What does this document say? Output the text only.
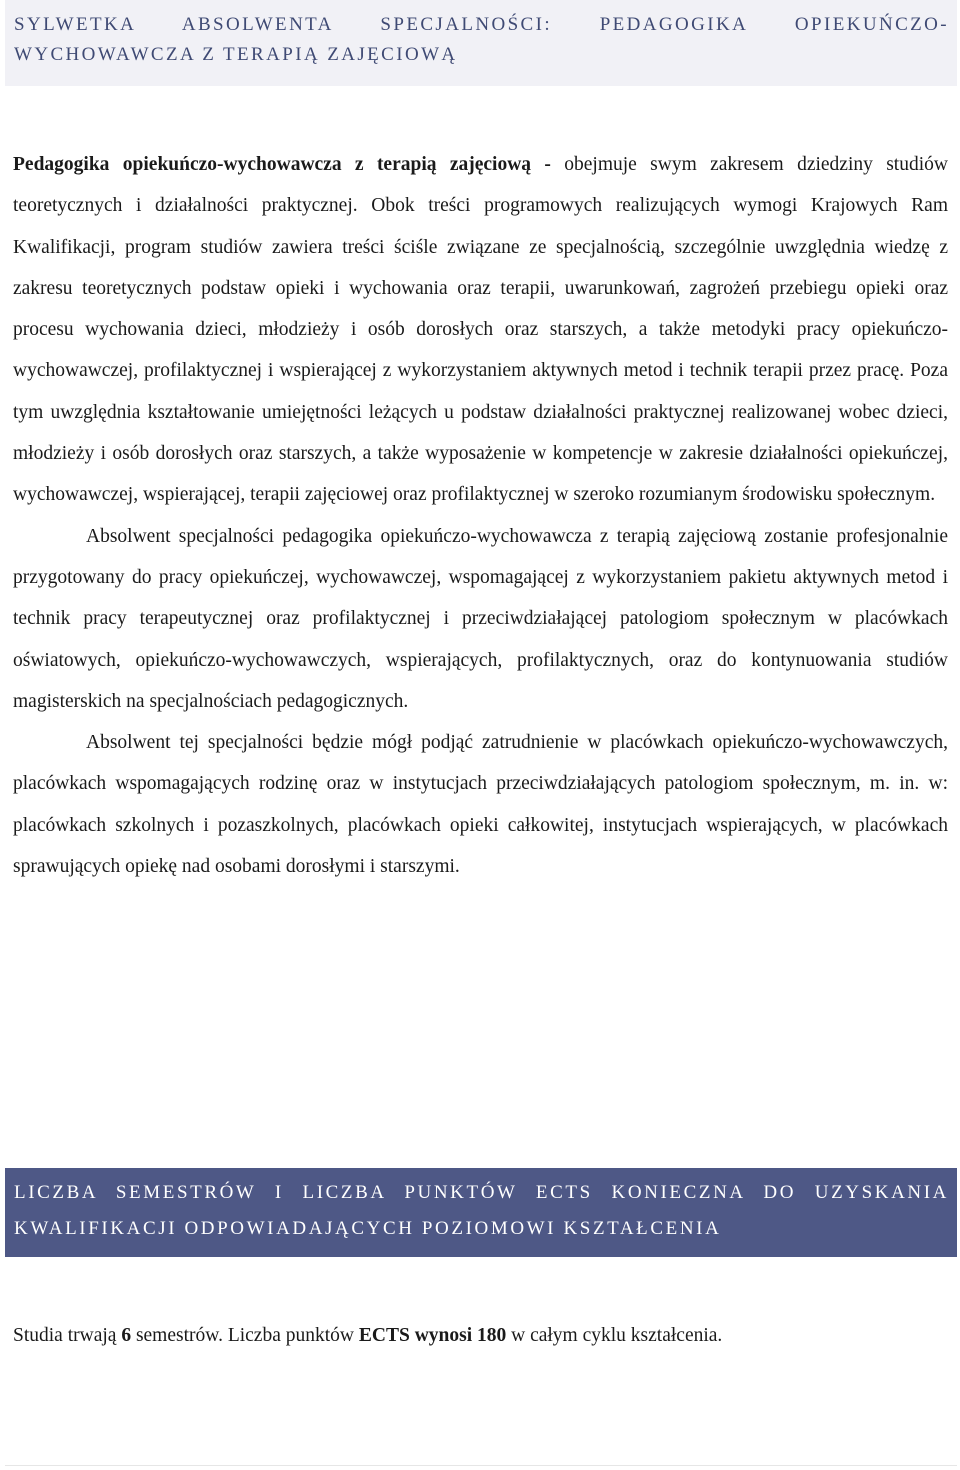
SYLWETKA ABSOLWENTA SPECJALNOŚCI: PEDAGOGIKA OPIEKUŃCZO-WYCHOWAWCZA Z TERAPIĄ ZAJĘCIOWĄ

Pedagogika opiekuńczo-wychowawcza z terapią zajęciową - obejmuje swym zakresem dziedziny studiów teoretycznych i działalności praktycznej. Obok treści programowych realizujących wymogi Krajowych Ram Kwalifikacji, program studiów zawiera treści ściśle związane ze specjalnością, szczególnie uwzględnia wiedzę z zakresu teoretycznych podstaw opieki i wychowania oraz terapii, uwarunkowań, zagrożeń przebiegu opieki oraz procesu wychowania dzieci, młodzieży i osób dorosłych oraz starszych, a także metodyki pracy opiekuńczo-wychowawczej, profilaktycznej i wspierającej z wykorzystaniem aktywnych metod i technik terapii przez pracę. Poza tym uwzględnia kształtowanie umiejętności leżących u podstaw działalności praktycznej realizowanej wobec dzieci, młodzieży i osób dorosłych oraz starszych, a także wyposażenie w kompetencje w zakresie działalności opiekuńczej, wychowawczej, wspierającej, terapii zajęciowej oraz profilaktycznej w szeroko rozumianym środowisku społecznym.

Absolwent specjalności pedagogika opiekuńczo-wychowawcza z terapią zajęciową zostanie profesjonalnie przygotowany do pracy opiekuńczej, wychowawczej, wspomagającej z wykorzystaniem pakietu aktywnych metod i technik pracy terapeutycznej oraz profilaktycznej i przeciwdziałającej patologiom społecznym w placówkach oświatowych, opiekuńczo-wychowawczych, wspierających, profilaktycznych, oraz do kontynuowania studiów magisterskich na specjalnościach pedagogicznych.

Absolwent tej specjalności będzie mógł podjąć zatrudnienie w placówkach opiekuńczo-wychowawczych, placówkach wspomagających rodzinę oraz w instytucjach przeciwdziałających patologiom społecznym, m. in. w: placówkach szkolnych i pozaszkolnych, placówkach opieki całkowitej, instytucjach wspierających, w placówkach sprawujących opiekę nad osobami dorosłymi i starszymi.

LICZBA SEMESTRÓW I LICZBA PUNKTÓW ECTS KONIECZNA DO UZYSKANIA KWALIFIKACJI ODPOWIADAJĄCYCH POZIOMOWI KSZTAŁCENIA

Studia trwają 6 semestrów. Liczba punktów ECTS wynosi 180 w całym cyklu kształcenia.
